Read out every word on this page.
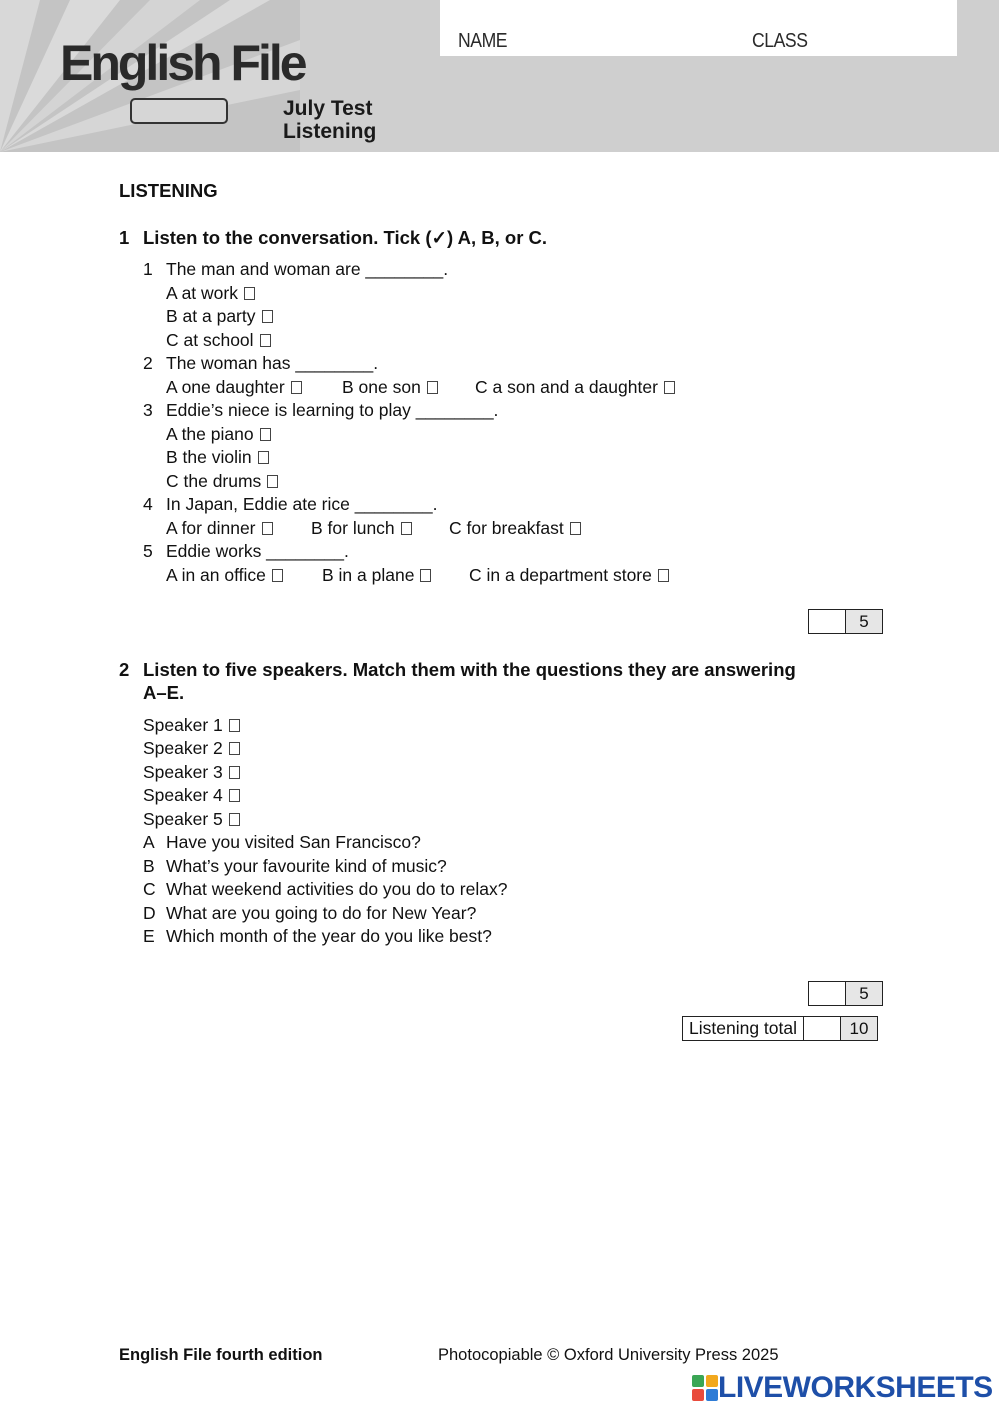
NAME	CLASS
English File
July Test
Listening
LISTENING
1 Listen to the conversation. Tick (✓) A, B, or C.
1 The man and woman are ________.
A at work
B at a party
C at school
2 The woman has ________.
A one daughter	B one son	C a son and a daughter
3 Eddie’s niece is learning to play ________.
A the piano
B the violin
C the drums
4 In Japan, Eddie ate rice ________.
A for dinner	B for lunch	C for breakfast
5 Eddie works ________.
A in an office	B in a plane	C in a department store
5
2 Listen to five speakers. Match them with the questions they are answering
A–E.
Speaker 1
Speaker 2
Speaker 3
Speaker 4
Speaker 5
A Have you visited San Francisco?
B What’s your favourite kind of music?
C What weekend activities do you do to relax?
D What are you going to do for New Year?
E Which month of the year do you like best?
5
Listening total	10
English File fourth edition	Photocopiable © Oxford University Press 2025
LIVEWORKSHEETS
